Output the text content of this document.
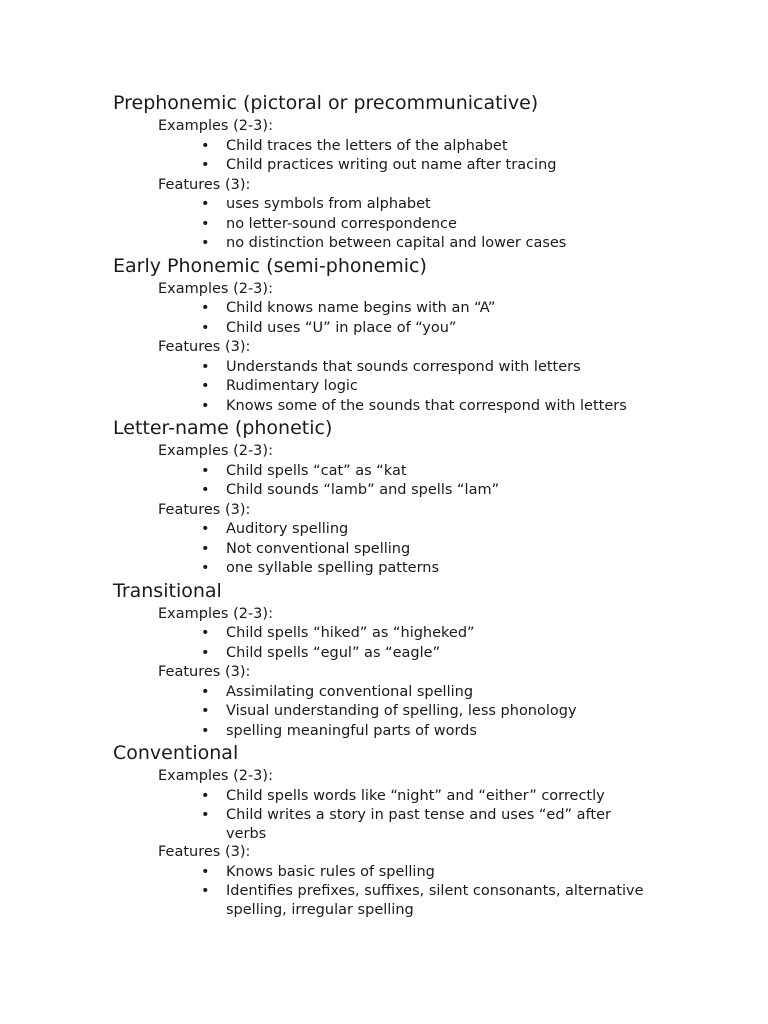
Prephonemic (pictoral or precommunicative)
Examples (2-3):
• Child traces the letters of the alphabet
• Child practices writing out name after tracing
Features (3):
• uses symbols from alphabet
• no letter-sound correspondence
• no distinction between capital and lower cases
Early Phonemic (semi-phonemic)
Examples (2-3):
• Child knows name begins with an “A”
• Child uses “U” in place of “you”
Features (3):
• Understands that sounds correspond with letters
• Rudimentary logic
• Knows some of the sounds that correspond with letters
Letter-name (phonetic)
Examples (2-3):
• Child spells “cat” as “kat
• Child sounds “lamb” and spells “lam”
Features (3):
• Auditory spelling
• Not conventional spelling
• one syllable spelling patterns
Transitional
Examples (2-3):
• Child spells “hiked” as “higheked”
• Child spells “egul” as “eagle”
Features (3):
• Assimilating conventional spelling
• Visual understanding of spelling, less phonology
• spelling meaningful parts of words
Conventional
Examples (2-3):
• Child spells words like “night” and “either” correctly
• Child writes a story in past tense and uses “ed” after verbs
Features (3):
• Knows basic rules of spelling
• Identifies prefixes, suffixes, silent consonants, alternative spelling, irregular spelling
